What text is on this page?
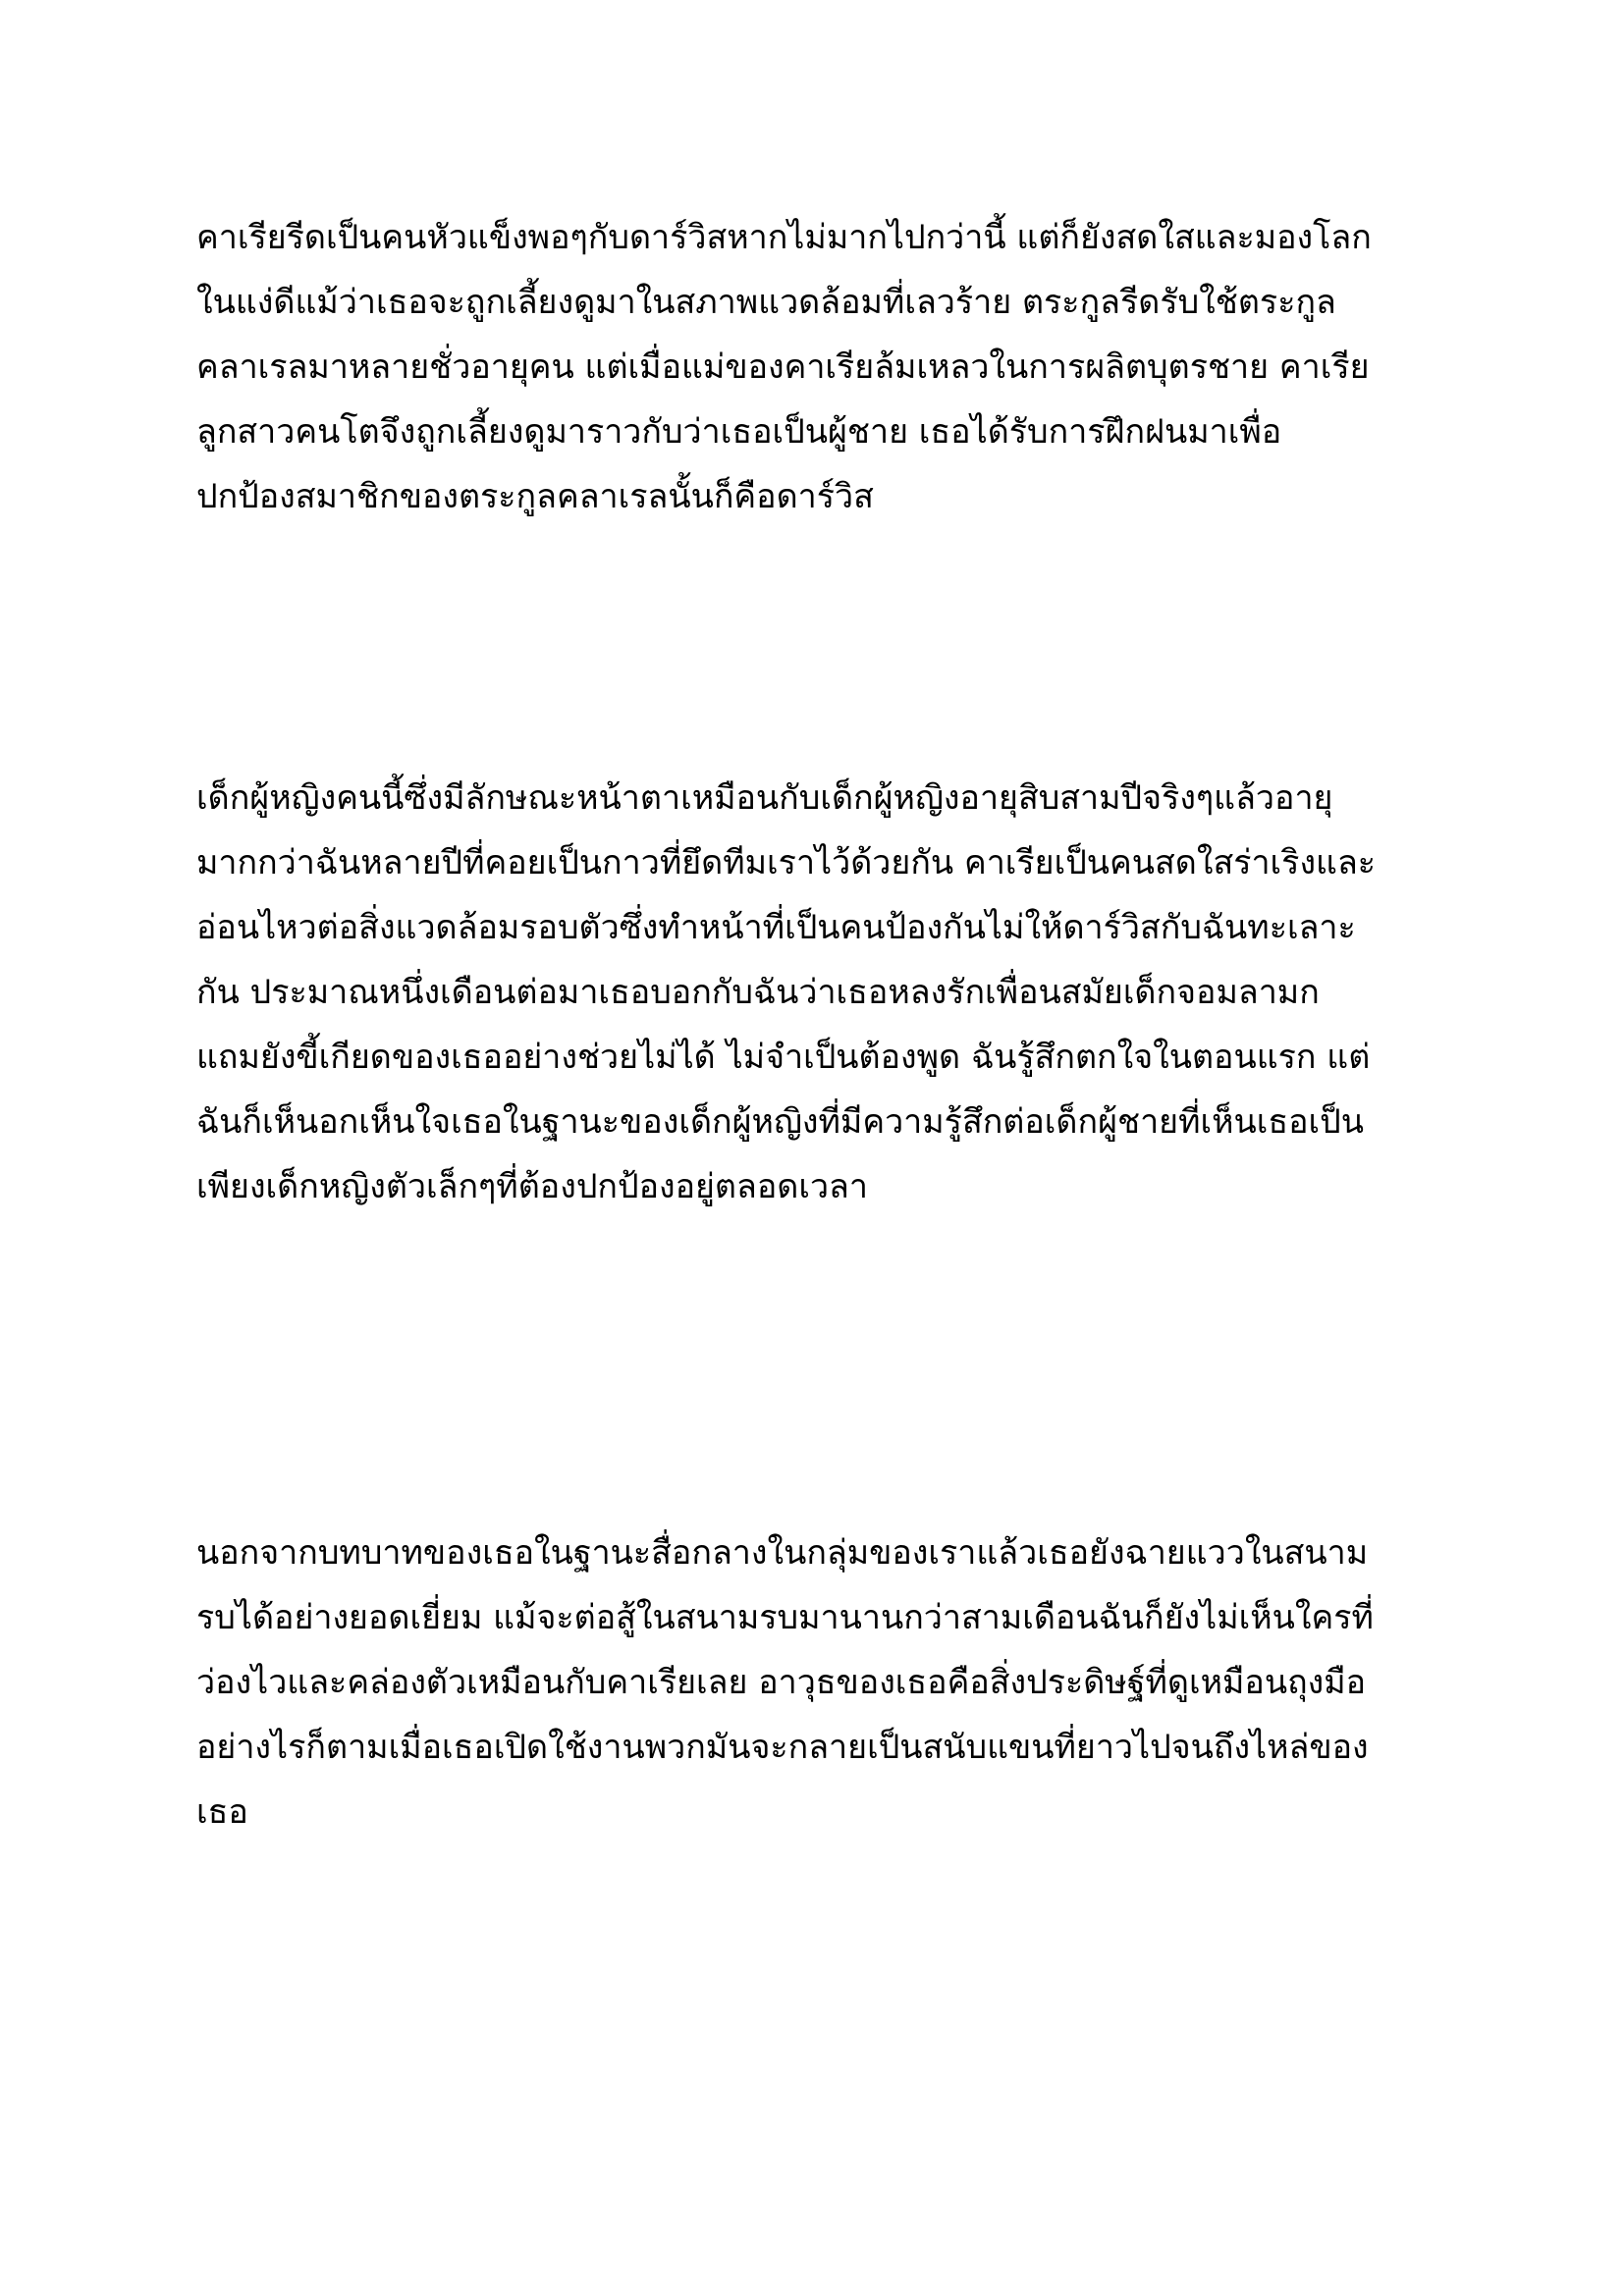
คาเรียรีดเป็นคนหัวแข็งพอๆกับดาร์วิสหากไม่มากไปกว่านี้ แต่ก็ยังสดใสและมองโลก
ในแง่ดีแม้ว่าเธอจะถูกเลี้ยงดูมาในสภาพแวดล้อมที่เลวร้าย ตระกูลรีดรับใช้ตระกูล
คลาเรลมาหลายชั่วอายุคน แต่เมื่อแม่ของคาเรียล้มเหลวในการผลิตบุตรชาย คาเรีย
ลูกสาวคนโตจึงถูกเลี้ยงดูมาราวกับว่าเธอเป็นผู้ชาย เธอได้รับการฝึกฝนมาเพื่อ
ปกป้องสมาชิกของตระกูลคลาเรลนั้นก็คือดาร์วิส
เด็กผู้หญิงคนนี้ซึ่งมีลักษณะหน้าตาเหมือนกับเด็กผู้หญิงอายุสิบสามปีจริงๆแล้วอายุ
มากกว่าฉันหลายปีที่คอยเป็นกาวที่ยึดทีมเราไว้ด้วยกัน คาเรียเป็นคนสดใสร่าเริงและ
อ่อนไหวต่อสิ่งแวดล้อมรอบตัวซึ่งทำหน้าที่เป็นคนป้องกันไม่ให้ดาร์วิสกับฉันทะเลาะ
กัน ประมาณหนึ่งเดือนต่อมาเธอบอกกับฉันว่าเธอหลงรักเพื่อนสมัยเด็กจอมลามก
แถมยังขี้เกียดของเธออย่างช่วยไม่ได้ ไม่จำเป็นต้องพูด ฉันรู้สึกตกใจในตอนแรก แต่
ฉันก็เห็นอกเห็นใจเธอในฐานะของเด็กผู้หญิงที่มีความรู้สึกต่อเด็กผู้ชายที่เห็นเธอเป็น
เพียงเด็กหญิงตัวเล็กๆที่ต้องปกป้องอยู่ตลอดเวลา
นอกจากบทบาทของเธอในฐานะสื่อกลางในกลุ่มของเราแล้วเธอยังฉายแววในสนาม
รบได้อย่างยอดเยี่ยม แม้จะต่อสู้ในสนามรบมานานกว่าสามเดือนฉันก็ยังไม่เห็นใครที่
ว่องไวและคล่องตัวเหมือนกับคาเรียเลย อาวุธของเธอคือสิ่งประดิษฐ์ที่ดูเหมือนถุงมือ
อย่างไรก็ตามเมื่อเธอเปิดใช้งานพวกมันจะกลายเป็นสนับแขนที่ยาวไปจนถึงไหล่ของ
เธอ
